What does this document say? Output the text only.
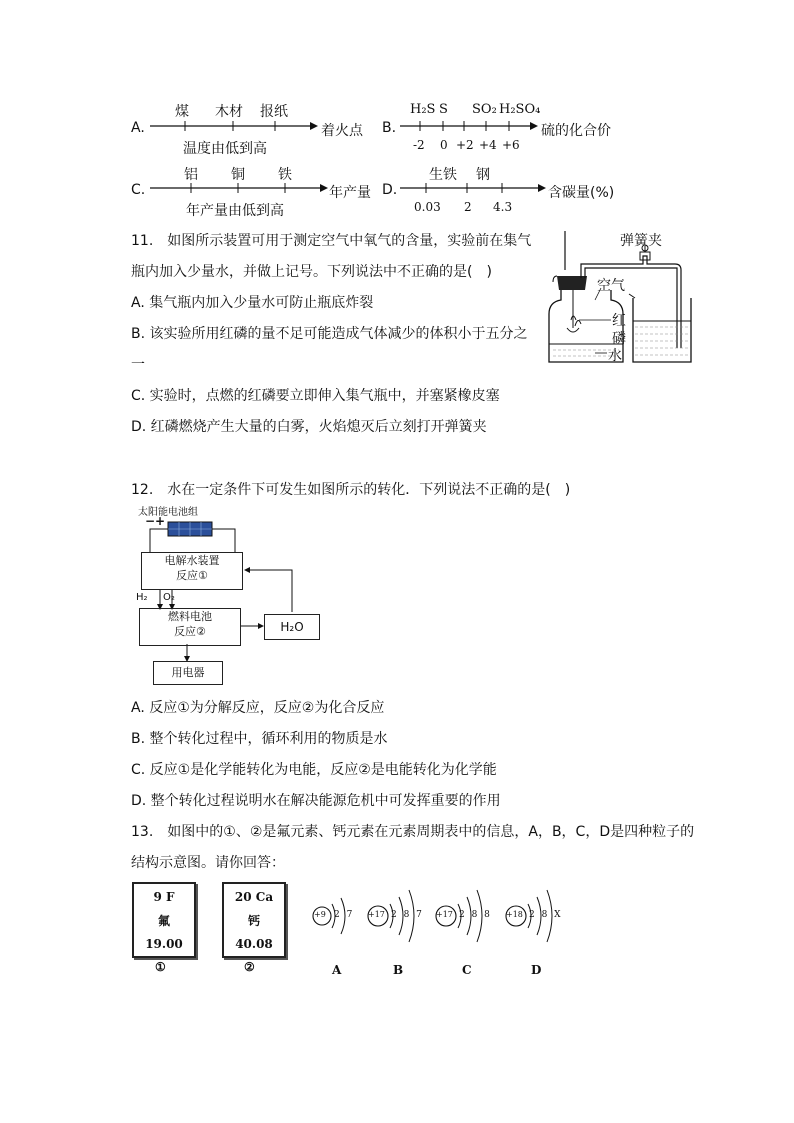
A.
煤 木材 报纸
着火点
温度由低到高
B.
H₂S S SO₂ H₂SO₄
硫的化合价
-2 0 +2 +4 +6
C.
铝 铜 铁
年产量
年产量由低到高
D.
生铁 钢
含碳量(%)
0.03 2 4.3
11.　如图所示装置可用于测定空气中氧气的含量，实验前在集气
瓶内加入少量水，并做上记号。下列说法中不正确的是(　)
A. 集气瓶内加入少量水可防止瓶底炸裂
B. 该实验所用红磷的量不足可能造成气体减少的体积小于五分之
一
C. 实验时，点燃的红磷要立即伸入集气瓶中，并塞紧橡皮塞
D. 红磷燃烧产生大量的白雾，火焰熄灭后立刻打开弹簧夹
弹簧夹
空气
红
磷
水
12.　水在一定条件下可发生如图所示的转化．下列说法不正确的是(　)
太阳能电池组
− +
电解水装置
反应①
H₂ O₂
燃料电池
反应②	H₂O
用电器
A. 反应①为分解反应，反应②为化合反应
B. 整个转化过程中，循环利用的物质是水
C. 反应①是化学能转化为电能，反应②是电能转化为化学能
D. 整个转化过程说明水在解决能源危机中可发挥重要的作用
13.　如图中的①、②是氟元素、钙元素在元素周期表中的信息，A，B，C，D是四种粒子的
结构示意图。请你回答：
9 F
氟
19.00
①
20 Ca
钙
40.08
②
+9 2 7
A
+17 2 8 7
B
+17 2 8 8
C
+18 2 8 X
D
